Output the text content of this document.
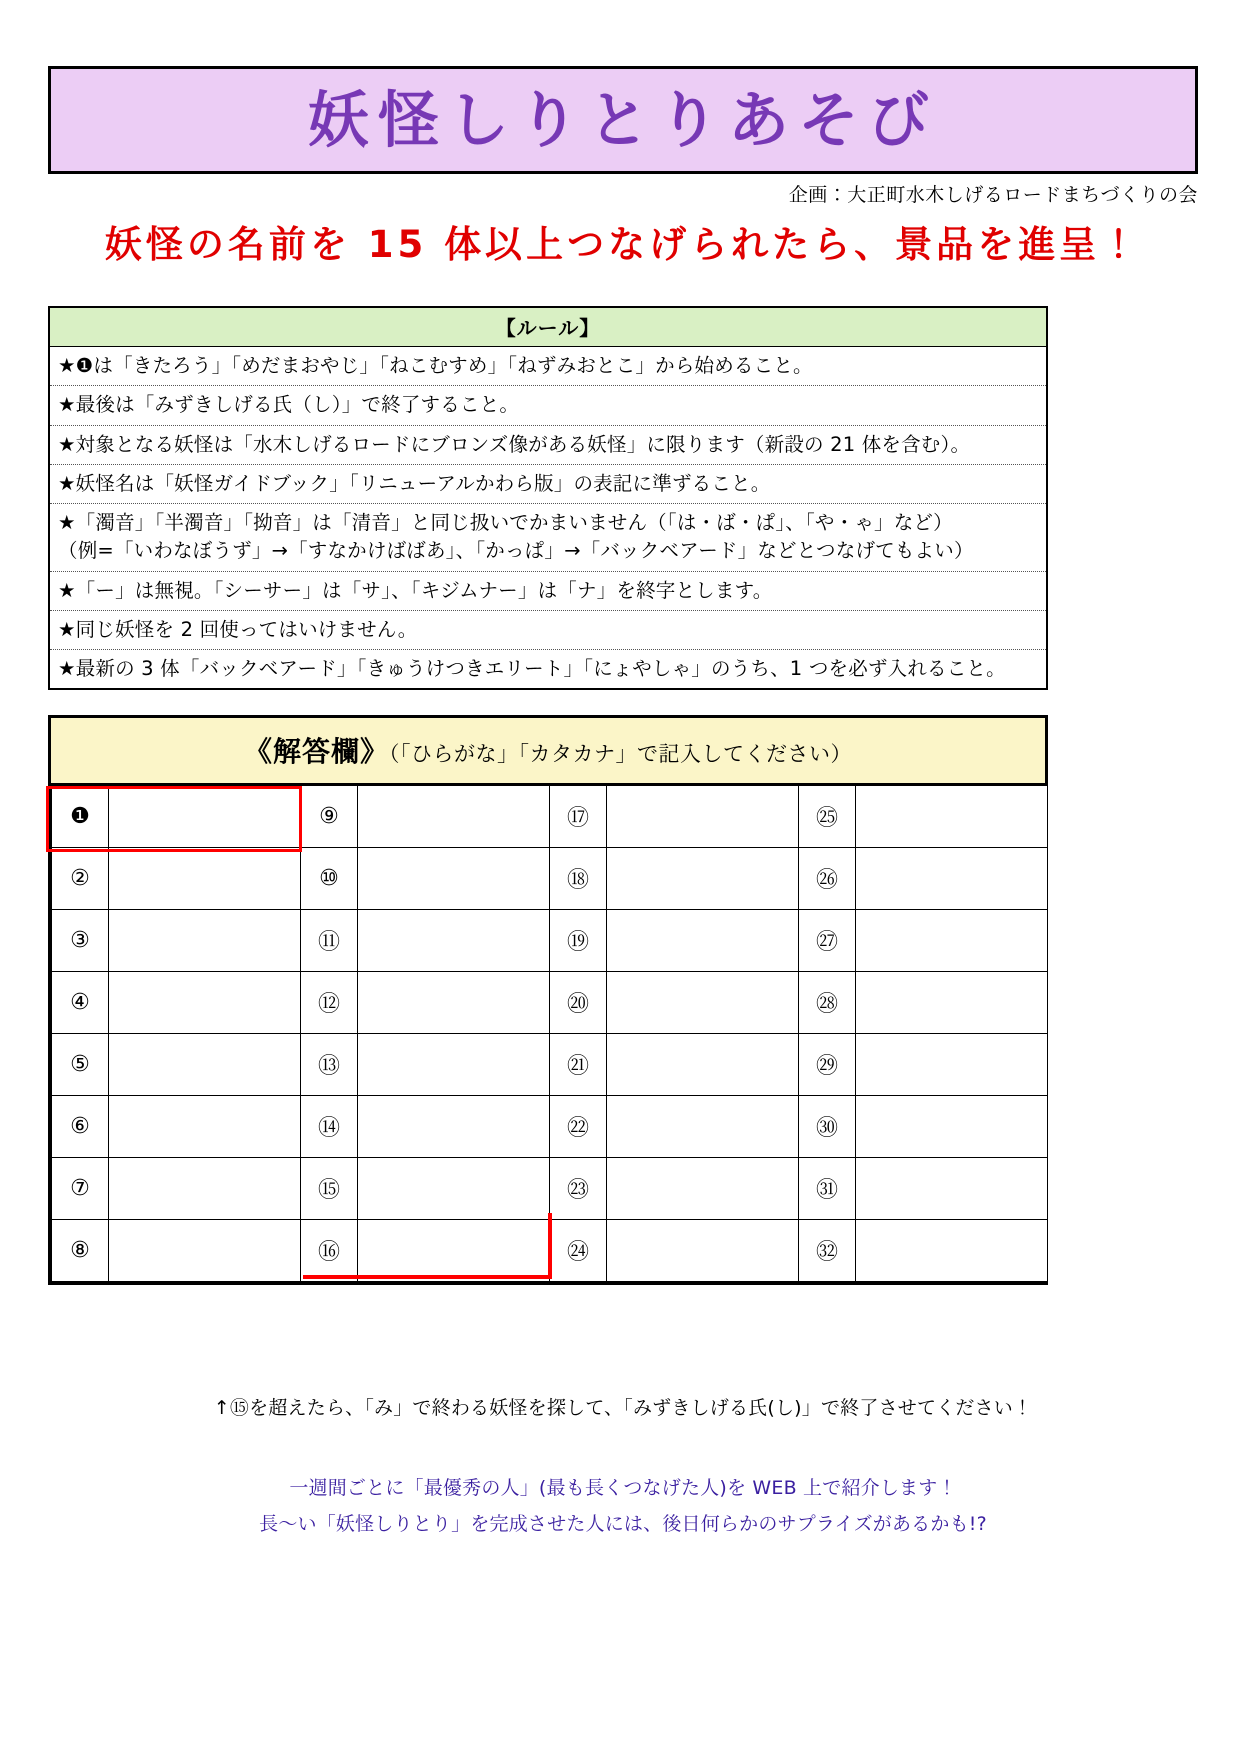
妖怪しりとりあそび
企画：大正町水木しげるロードまちづくりの会
妖怪の名前を 15 体以上つなげられたら、景品を進呈！
【ルール】
★❶は「きたろう」「めだまおやじ」「ねこむすめ」「ねずみおとこ」から始めること。
★最後は「みずきしげる氏（し）」で終了すること。
★対象となる妖怪は「水木しげるロードにブロンズ像がある妖怪」に限ります（新設の 21 体を含む）。
★妖怪名は「妖怪ガイドブック」「リニューアルかわら版」の表記に準ずること。
★「濁音」「半濁音」「拗音」は「清音」と同じ扱いでかまいません（「は・ば・ぱ」、「や・ゃ」など）
（例=「いわなぼうず」→「すなかけばばあ」、「かっぱ」→「バックベアード」などとつなげてもよい）
★「ー」は無視。「シーサー」は「サ」、「キジムナー」は「ナ」を終字とします。
★同じ妖怪を 2 回使ってはいけません。
★最新の 3 体「バックベアード」「きゅうけつきエリート」「にょやしゃ」のうち、1 つを必ず入れること。
《解答欄》（「ひらがな」「カタカナ」で記入してください）
❶		⑨		⑰		㉕	
②		⑩		⑱		㉖	
③		⑪		⑲		㉗	
④		⑫		⑳		㉘	
⑤		⑬		㉑		㉙	
⑥		⑭		㉒		㉚	
⑦		⑮		㉓		㉛	
⑧		⑯		㉔		㉜	
↑⑮を超えたら、「み」で終わる妖怪を探して、「みずきしげる氏(し)」で終了させてください！
一週間ごとに「最優秀の人」(最も長くつなげた人)を WEB 上で紹介します！
長～い「妖怪しりとり」を完成させた人には、後日何らかのサプライズがあるかも!?
